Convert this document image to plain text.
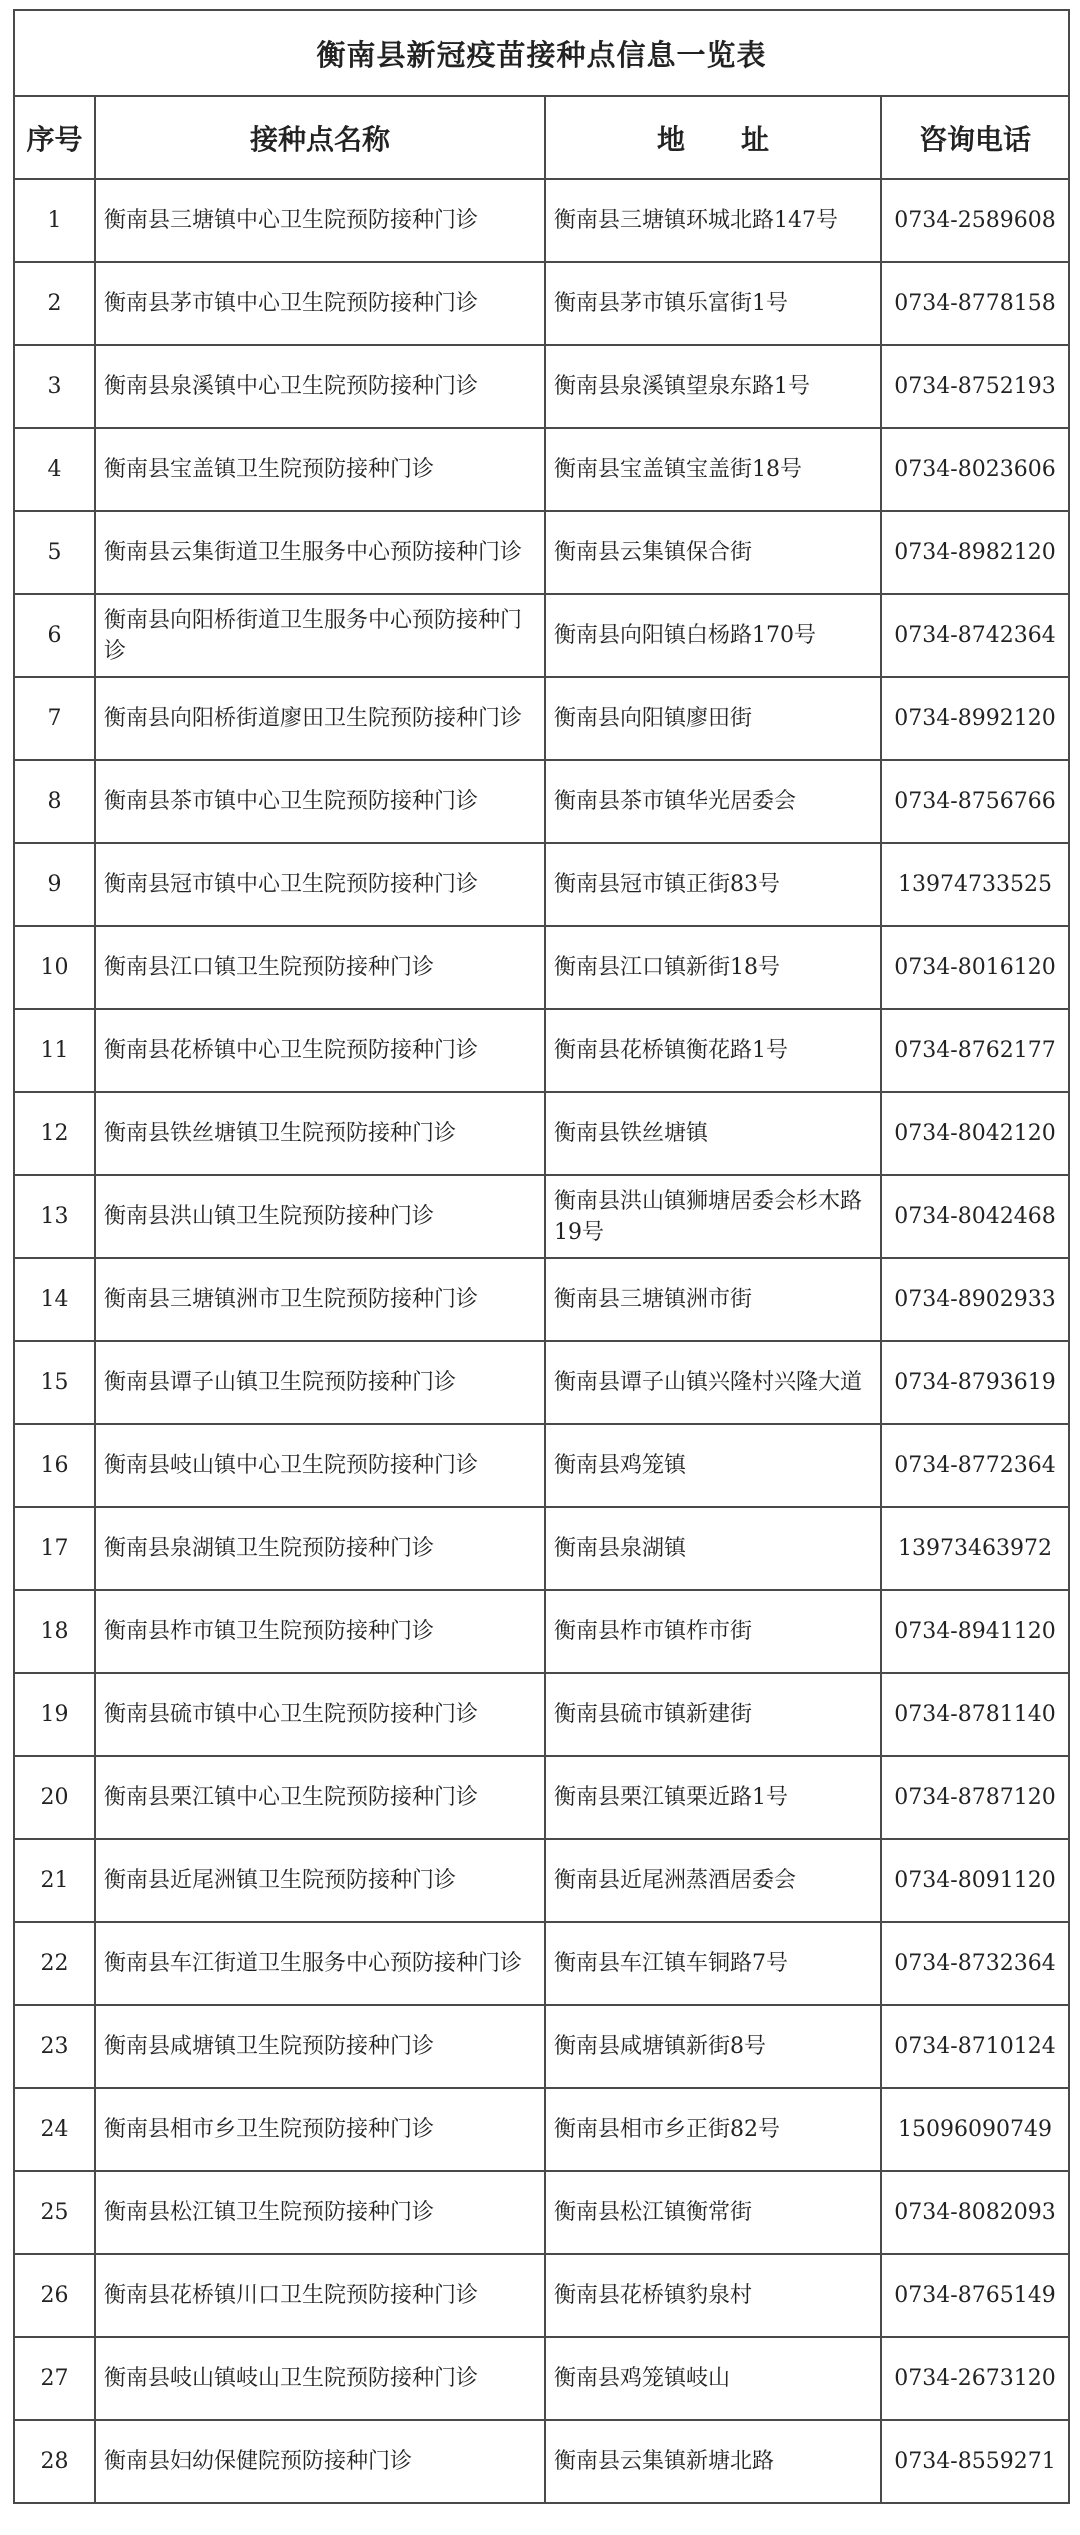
衡南县新冠疫苗接种点信息一览表			
序号	接种点名称	地　　址	咨询电话
1	衡南县三塘镇中心卫生院预防接种门诊	衡南县三塘镇环城北路147号	0734-2589608
2	衡南县茅市镇中心卫生院预防接种门诊	衡南县茅市镇乐富街1号	0734-8778158
3	衡南县泉溪镇中心卫生院预防接种门诊	衡南县泉溪镇望泉东路1号	0734-8752193
4	衡南县宝盖镇卫生院预防接种门诊	衡南县宝盖镇宝盖街18号	0734-8023606
5	衡南县云集街道卫生服务中心预防接种门诊	衡南县云集镇保合街	0734-8982120
6	衡南县向阳桥街道卫生服务中心预防接种门诊	衡南县向阳镇白杨路170号	0734-8742364
7	衡南县向阳桥街道廖田卫生院预防接种门诊	衡南县向阳镇廖田街	0734-8992120
8	衡南县茶市镇中心卫生院预防接种门诊	衡南县茶市镇华光居委会	0734-8756766
9	衡南县冠市镇中心卫生院预防接种门诊	衡南县冠市镇正街83号	13974733525
10	衡南县江口镇卫生院预防接种门诊	衡南县江口镇新街18号	0734-8016120
11	衡南县花桥镇中心卫生院预防接种门诊	衡南县花桥镇衡花路1号	0734-8762177
12	衡南县铁丝塘镇卫生院预防接种门诊	衡南县铁丝塘镇	0734-8042120
13	衡南县洪山镇卫生院预防接种门诊	衡南县洪山镇狮塘居委会杉木路19号	0734-8042468
14	衡南县三塘镇洲市卫生院预防接种门诊	衡南县三塘镇洲市街	0734-8902933
15	衡南县谭子山镇卫生院预防接种门诊	衡南县谭子山镇兴隆村兴隆大道	0734-8793619
16	衡南县岐山镇中心卫生院预防接种门诊	衡南县鸡笼镇	0734-8772364
17	衡南县泉湖镇卫生院预防接种门诊	衡南县泉湖镇	13973463972
18	衡南县柞市镇卫生院预防接种门诊	衡南县柞市镇柞市街	0734-8941120
19	衡南县硫市镇中心卫生院预防接种门诊	衡南县硫市镇新建街	0734-8781140
20	衡南县栗江镇中心卫生院预防接种门诊	衡南县栗江镇栗近路1号	0734-8787120
21	衡南县近尾洲镇卫生院预防接种门诊	衡南县近尾洲蒸酒居委会	0734-8091120
22	衡南县车江街道卫生服务中心预防接种门诊	衡南县车江镇车铜路7号	0734-8732364
23	衡南县咸塘镇卫生院预防接种门诊	衡南县咸塘镇新街8号	0734-8710124
24	衡南县相市乡卫生院预防接种门诊	衡南县相市乡正街82号	15096090749
25	衡南县松江镇卫生院预防接种门诊	衡南县松江镇衡常街	0734-8082093
26	衡南县花桥镇川口卫生院预防接种门诊	衡南县花桥镇豹泉村	0734-8765149
27	衡南县岐山镇岐山卫生院预防接种门诊	衡南县鸡笼镇岐山	0734-2673120
28	衡南县妇幼保健院预防接种门诊	衡南县云集镇新塘北路	0734-8559271
